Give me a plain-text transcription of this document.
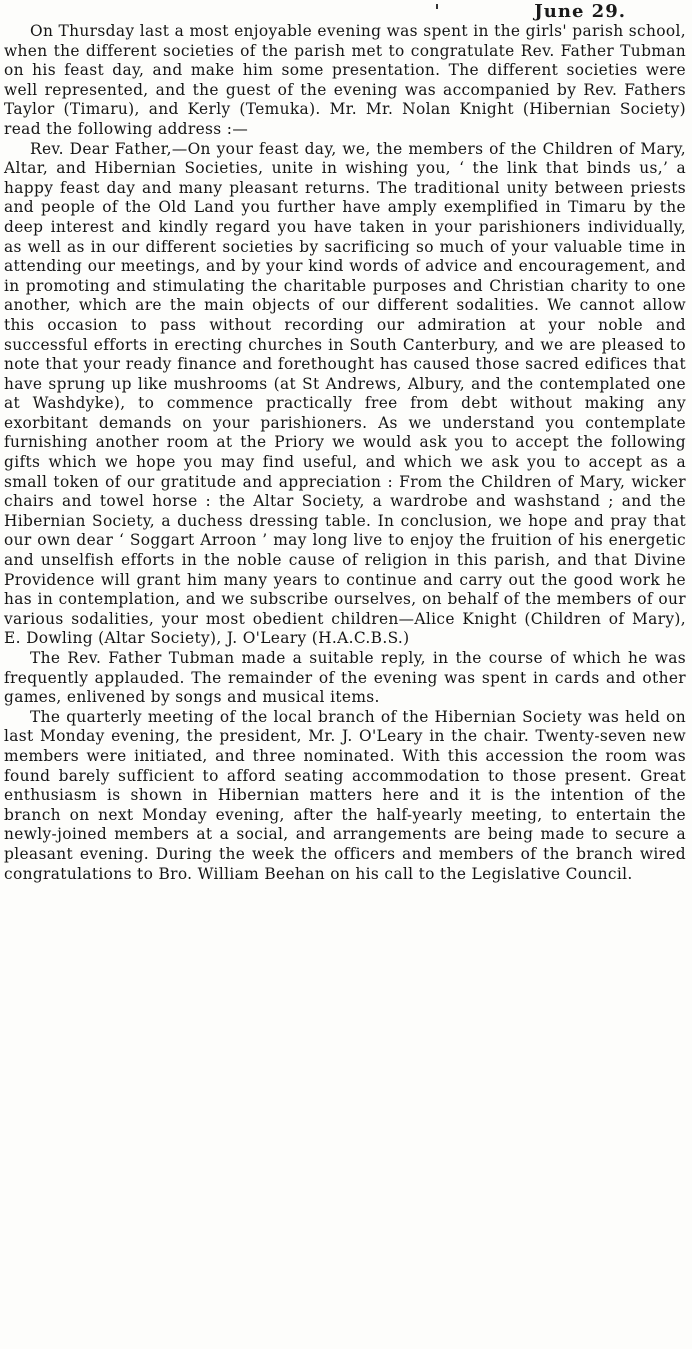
June 29.

On Thursday last a most enjoyable evening was spent in the girls' parish school, when the different societies of the parish met to congratulate Rev. Father Tubman on his feast day, and make him some presentation. The different societies were well represented, and the guest of the evening was accompanied by Rev. Fathers Taylor (Timaru), and Kerly (Temuka). Mr. Mr. Nolan Knight (Hibernian Society) read the following address :—

Rev. Dear Father,—On your feast day, we, the members of the Children of Mary, Altar, and Hibernian Societies, unite in wishing you, ‘ the link that binds us,’ a happy feast day and many pleasant returns. The traditional unity between priests and people of the Old Land you further have amply exemplified in Timaru by the deep interest and kindly regard you have taken in your parishioners individually, as well as in our different societies by sacrificing so much of your valuable time in attending our meetings, and by your kind words of advice and encouragement, and in promoting and stimulating the charitable purposes and Christian charity to one another, which are the main objects of our different sodalities. We cannot allow this occasion to pass without recording our admiration at your noble and successful efforts in erecting churches in South Canterbury, and we are pleased to note that your ready finance and forethought has caused those sacred edifices that have sprung up like mushrooms (at St Andrews, Albury, and the contemplated one at Washdyke), to commence practically free from debt without making any exorbitant demands on your parishioners. As we understand you contemplate furnishing another room at the Priory we would ask you to accept the following gifts which we hope you may find useful, and which we ask you to accept as a small token of our gratitude and appreciation : From the Children of Mary, wicker chairs and towel horse : the Altar Society, a wardrobe and washstand ; and the Hibernian Society, a duchess dressing table. In conclusion, we hope and pray that our own dear ‘ Soggart Arroon ’ may long live to enjoy the fruition of his energetic and unselfish efforts in the noble cause of religion in this parish, and that Divine Providence will grant him many years to continue and carry out the good work he has in contemplation, and we subscribe ourselves, on behalf of the members of our various sodalities, your most obedient children—Alice Knight (Children of Mary), E. Dowling (Altar Society), J. O'Leary (H.A.C.B.S.)

The Rev. Father Tubman made a suitable reply, in the course of which he was frequently applauded. The remainder of the evening was spent in cards and other games, enlivened by songs and musical items.

The quarterly meeting of the local branch of the Hibernian Society was held on last Monday evening, the president, Mr. J. O'Leary in the chair. Twenty-seven new members were initiated, and three nominated. With this accession the room was found barely sufficient to afford seating accommodation to those present. Great enthusiasm is shown in Hibernian matters here and it is the intention of the branch on next Monday evening, after the half-yearly meeting, to entertain the newly-joined members at a social, and arrangements are being made to secure a pleasant evening. During the week the officers and members of the branch wired congratulations to Bro. William Beehan on his call to the Legislative Council.
